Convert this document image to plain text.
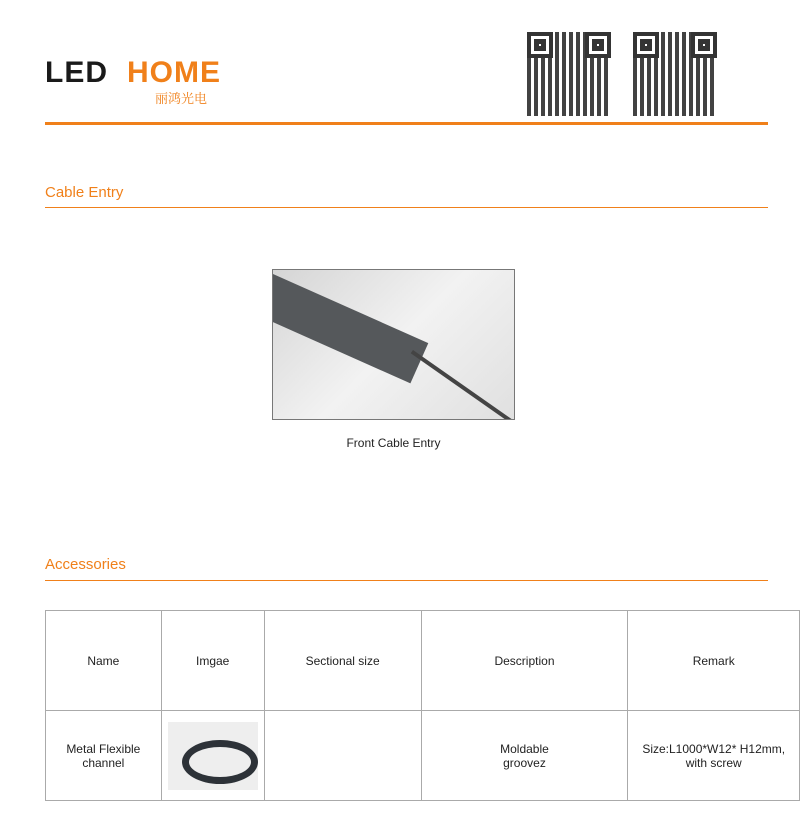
LED HOME
丽鸿光电
Cable Entry
Front Cable Entry
Accessories
Name	Imgae	Sectional size	Description	Remark
Metal Flexible channel			Moldable groovez	Size:L1000*W12* H12mm, with screw
